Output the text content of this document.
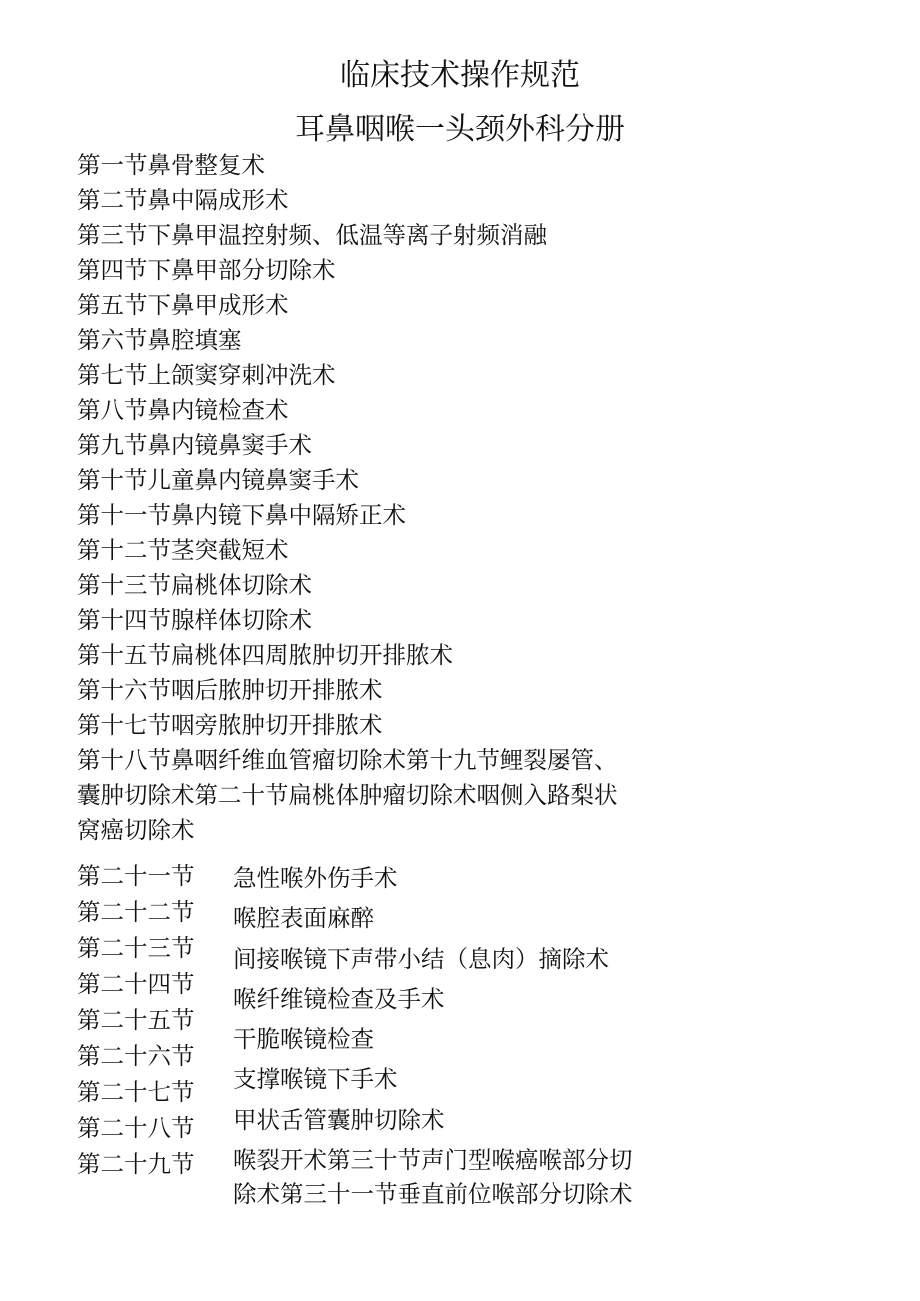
临床技术操作规范
耳鼻咽喉一头颈外科分册
第一节鼻骨整复术
第二节鼻中隔成形术
第三节下鼻甲温控射频、低温等离子射频消融
第四节下鼻甲部分切除术
第五节下鼻甲成形术
第六节鼻腔填塞
第七节上颌窦穿刺冲洗术
第八节鼻内镜检查术
第九节鼻内镜鼻窦手术
第十节儿童鼻内镜鼻窦手术
第十一节鼻内镜下鼻中隔矫正术
第十二节茎突截短术
第十三节扁桃体切除术
第十四节腺样体切除术
第十五节扁桃体四周脓肿切开排脓术
第十六节咽后脓肿切开排脓术
第十七节咽旁脓肿切开排脓术
第十八节鼻咽纤维血管瘤切除术第十九节鲤裂屡管、
囊肿切除术第二十节扁桃体肿瘤切除术咽侧入路梨状
窝癌切除术
第二十一节
第二十二节
第二十三节
第二十四节
第二十五节
第二十六节
第二十七节
第二十八节
第二十九节
急性喉外伤手术
喉腔表面麻醉
间接喉镜下声带小结（息肉）摘除术
喉纤维镜检查及手术
干脆喉镜检查
支撑喉镜下手术
甲状舌管囊肿切除术
喉裂开术第三十节声门型喉癌喉部分切
除术第三十一节垂直前位喉部分切除术
